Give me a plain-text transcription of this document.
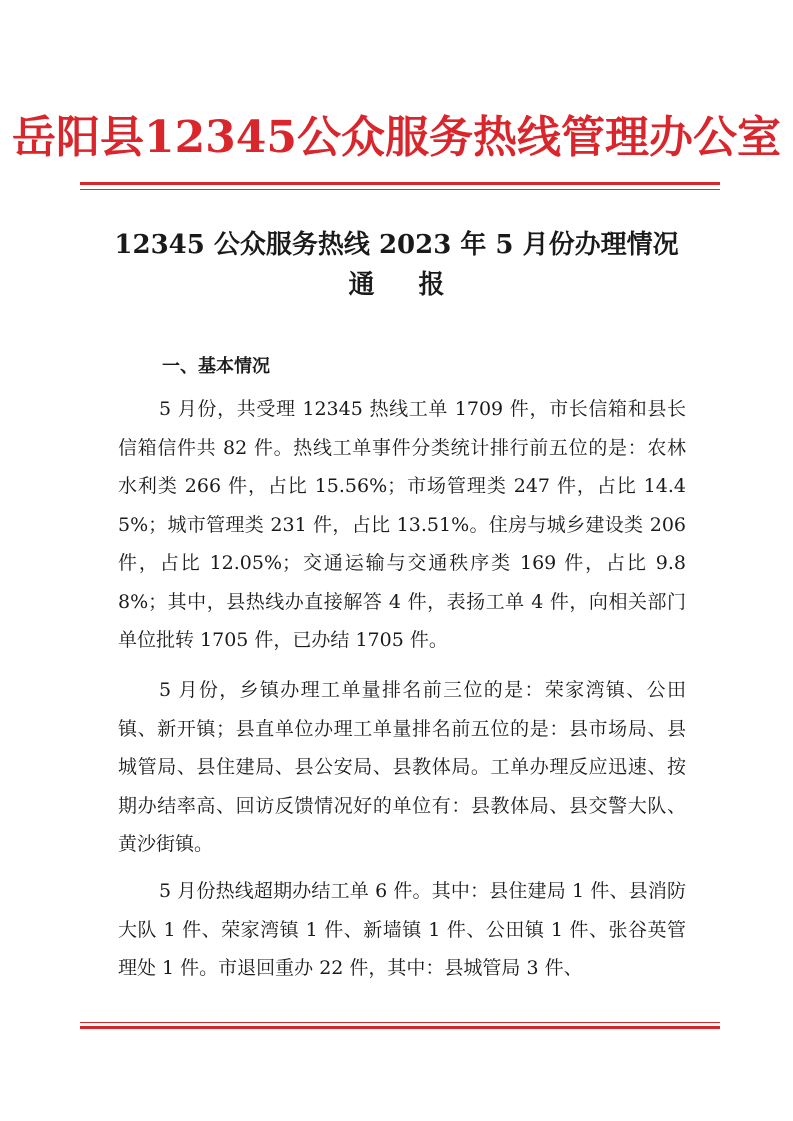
岳阳县12345公众服务热线管理办公室
12345 公众服务热线 2023 年 5 月份办理情况
通报
一、基本情况

5 月份，共受理 12345 热线工单 1709 件，市长信箱和县长信箱信件共 82 件。热线工单事件分类统计排行前五位的是：农林水利类 266 件，占比 15.56%；市场管理类 247 件，占比 14.45%；城市管理类 231 件，占比 13.51%。住房与城乡建设类 206 件，占比 12.05%；交通运输与交通秩序类 169 件，占比 9.88%；其中，县热线办直接解答 4 件，表扬工单 4 件，向相关部门单位批转 1705 件，已办结 1705 件。

5 月份，乡镇办理工单量排名前三位的是：荣家湾镇、公田镇、新开镇；县直单位办理工单量排名前五位的是：县市场局、县城管局、县住建局、县公安局、县教体局。工单办理反应迅速、按期办结率高、回访反馈情况好的单位有：县教体局、县交警大队、黄沙街镇。

5 月份热线超期办结工单 6 件。其中：县住建局 1 件、县消防大队 1 件、荣家湾镇 1 件、新墙镇 1 件、公田镇 1 件、张谷英管理处 1 件。市退回重办 22 件，其中：县城管局 3 件、
